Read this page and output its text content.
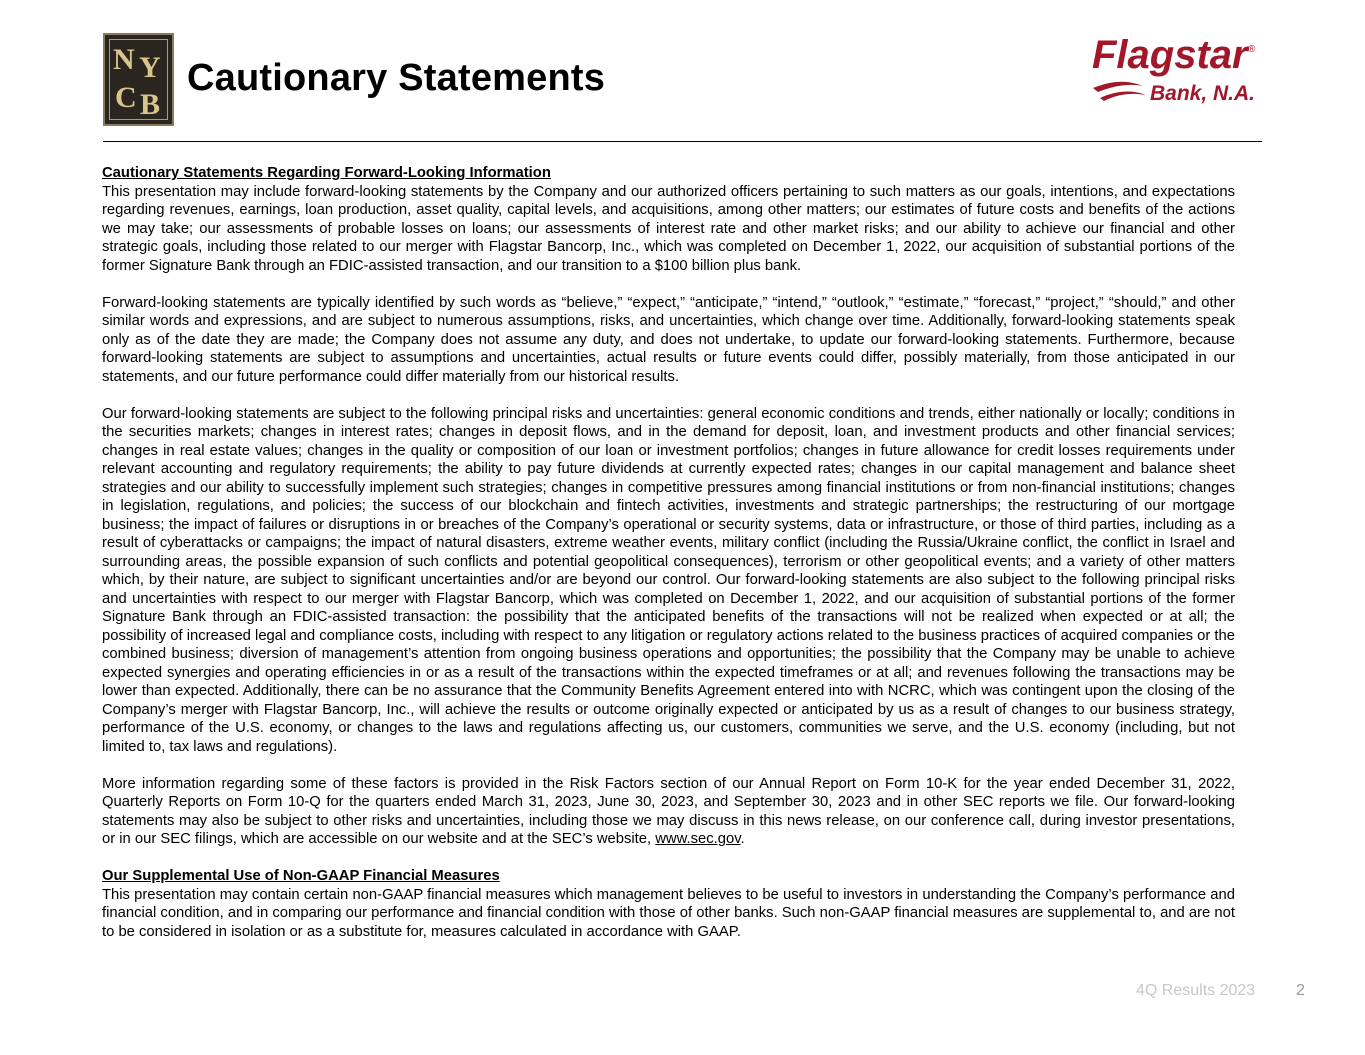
N Y
C B
Cautionary Statements
Flagstar ®
Bank, N.A.

Cautionary Statements Regarding Forward-Looking Information

This presentation may include forward-looking statements by the Company and our authorized officers pertaining to such matters as our goals, intentions, and expectations regarding revenues, earnings, loan production, asset quality, capital levels, and acquisitions, among other matters; our estimates of future costs and benefits of the actions we may take; our assessments of probable losses on loans; our assessments of interest rate and other market risks; and our ability to achieve our financial and other strategic goals, including those related to our merger with Flagstar Bancorp, Inc., which was completed on December 1, 2022, our acquisition of substantial portions of the former Signature Bank through an FDIC-assisted transaction, and our transition to a $100 billion plus bank.

Forward-looking statements are typically identified by such words as “believe,” “expect,” “anticipate,” “intend,” “outlook,” “estimate,” “forecast,” “project,” “should,” and other similar words and expressions, and are subject to numerous assumptions, risks, and uncertainties, which change over time. Additionally, forward-looking statements speak only as of the date they are made; the Company does not assume any duty, and does not undertake, to update our forward-looking statements. Furthermore, because forward-looking statements are subject to assumptions and uncertainties, actual results or future events could differ, possibly materially, from those anticipated in our statements, and our future performance could differ materially from our historical results.

Our forward-looking statements are subject to the following principal risks and uncertainties: general economic conditions and trends, either nationally or locally; conditions in the securities markets; changes in interest rates; changes in deposit flows, and in the demand for deposit, loan, and investment products and other financial services; changes in real estate values; changes in the quality or composition of our loan or investment portfolios; changes in future allowance for credit losses requirements under relevant accounting and regulatory requirements; the ability to pay future dividends at currently expected rates; changes in our capital management and balance sheet strategies and our ability to successfully implement such strategies; changes in competitive pressures among financial institutions or from non-financial institutions; changes in legislation, regulations, and policies; the success of our blockchain and fintech activities, investments and strategic partnerships; the restructuring of our mortgage business; the impact of failures or disruptions in or breaches of the Company’s operational or security systems, data or infrastructure, or those of third parties, including as a result of cyberattacks or campaigns; the impact of natural disasters, extreme weather events, military conflict (including the Russia/Ukraine conflict, the conflict in Israel and surrounding areas, the possible expansion of such conflicts and potential geopolitical consequences), terrorism or other geopolitical events; and a variety of other matters which, by their nature, are subject to significant uncertainties and/or are beyond our control. Our forward-looking statements are also subject to the following principal risks and uncertainties with respect to our merger with Flagstar Bancorp, which was completed on December 1, 2022, and our acquisition of substantial portions of the former Signature Bank through an FDIC-assisted transaction: the possibility that the anticipated benefits of the transactions will not be realized when expected or at all; the possibility of increased legal and compliance costs, including with respect to any litigation or regulatory actions related to the business practices of acquired companies or the combined business; diversion of management’s attention from ongoing business operations and opportunities; the possibility that the Company may be unable to achieve expected synergies and operating efficiencies in or as a result of the transactions within the expected timeframes or at all; and revenues following the transactions may be lower than expected. Additionally, there can be no assurance that the Community Benefits Agreement entered into with NCRC, which was contingent upon the closing of the Company’s merger with Flagstar Bancorp, Inc., will achieve the results or outcome originally expected or anticipated by us as a result of changes to our business strategy, performance of the U.S. economy, or changes to the laws and regulations affecting us, our customers, communities we serve, and the U.S. economy (including, but not limited to, tax laws and regulations).

More information regarding some of these factors is provided in the Risk Factors section of our Annual Report on Form 10-K for the year ended December 31, 2022, Quarterly Reports on Form 10-Q for the quarters ended March 31, 2023, June 30, 2023, and September 30, 2023 and in other SEC reports we file. Our forward-looking statements may also be subject to other risks and uncertainties, including those we may discuss in this news release, on our conference call, during investor presentations, or in our SEC filings, which are accessible on our website and at the SEC’s website, www.sec.gov.

Our Supplemental Use of Non-GAAP Financial Measures

This presentation may contain certain non-GAAP financial measures which management believes to be useful to investors in understanding the Company’s performance and financial condition, and in comparing our performance and financial condition with those of other banks. Such non-GAAP financial measures are supplemental to, and are not to be considered in isolation or as a substitute for, measures calculated in accordance with GAAP.

4Q Results 2023	2
